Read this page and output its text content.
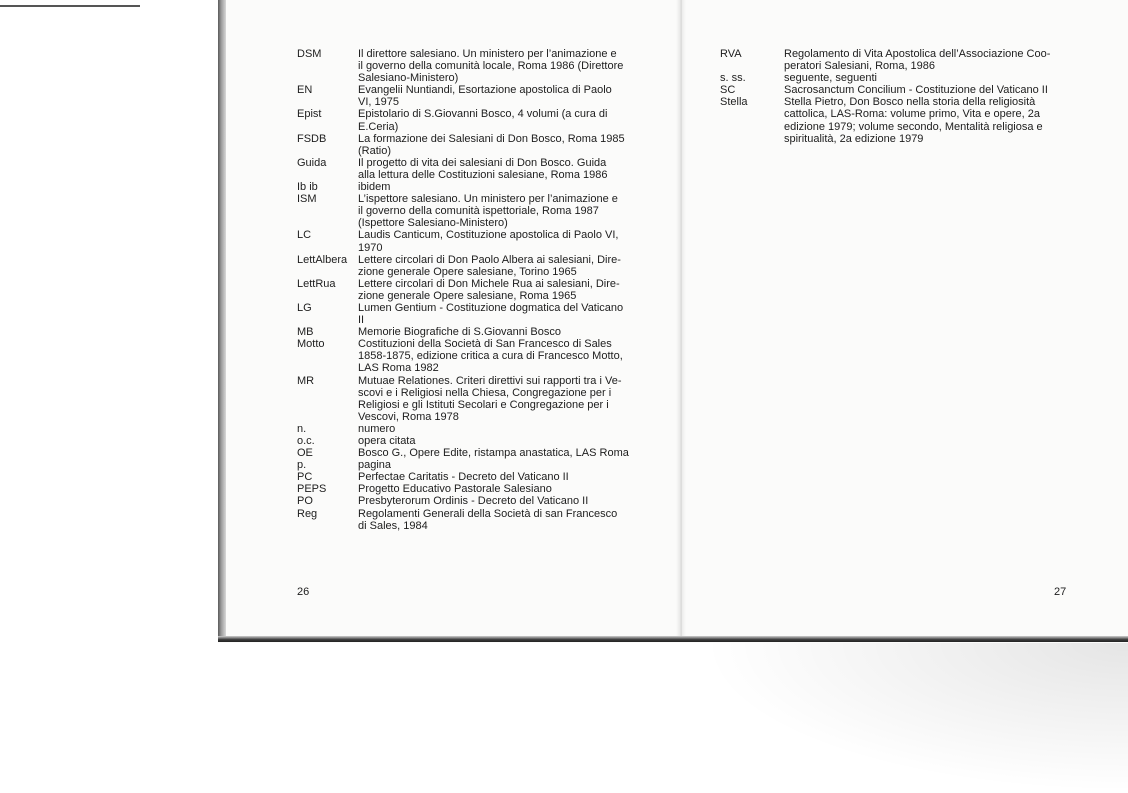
DSM	Il direttore salesiano. Un ministero per l’animazione e
il governo della comunità locale, Roma 1986 (Direttore
Salesiano-Ministero)
EN	Evangelii Nuntiandi, Esortazione apostolica di Paolo
VI, 1975
Epist	Epistolario di S.Giovanni Bosco, 4 volumi (a cura di
E.Ceria)
FSDB	La formazione dei Salesiani di Don Bosco, Roma 1985
(Ratio)
Guida	Il progetto di vita dei salesiani di Don Bosco. Guida
alla lettura delle Costituzioni salesiane, Roma 1986
Ib ib	ibidem
ISM	L’ispettore salesiano. Un ministero per l’animazione e
il governo della comunità ispettoriale, Roma 1987
(Ispettore Salesiano-Ministero)
LC	Laudis Canticum, Costituzione apostolica di Paolo VI,
1970
LettAlbera Lettere circolari di Don Paolo Albera ai salesiani, Dire-
zione generale Opere salesiane, Torino 1965
LettRua	Lettere circolari di Don Michele Rua ai salesiani, Dire-
zione generale Opere salesiane, Roma 1965
LG	Lumen Gentium - Costituzione dogmatica del Vaticano
II
MB	Memorie Biografiche di S.Giovanni Bosco
Motto	Costituzioni della Società di San Francesco di Sales
1858-1875, edizione critica a cura di Francesco Motto,
LAS Roma 1982
MR	Mutuae Relationes. Criteri direttivi sui rapporti tra i Ve-
scovi e i Religiosi nella Chiesa, Congregazione per i
Religiosi e gli Istituti Secolari e Congregazione per i
Vescovi, Roma 1978
n.	numero
o.c.	opera citata
OE	Bosco G., Opere Edite, ristampa anastatica, LAS Roma
p.	pagina
PC	Perfectae Caritatis - Decreto del Vaticano II
PEPS	Progetto Educativo Pastorale Salesiano
PO	Presbyterorum Ordinis - Decreto del Vaticano II
Reg	Regolamenti Generali della Società di san Francesco
di Sales, 1984
RVA	Regolamento di Vita Apostolica dell’Associazione Coo-
peratori Salesiani, Roma, 1986
s. ss.	seguente, seguenti
SC	Sacrosanctum Concilium - Costituzione del Vaticano II
Stella	Stella Pietro, Don Bosco nella storia della religiosità
cattolica, LAS-Roma: volume primo, Vita e opere, 2a
edizione 1979; volume secondo, Mentalità religiosa e
spiritualità, 2a edizione 1979
26	27
